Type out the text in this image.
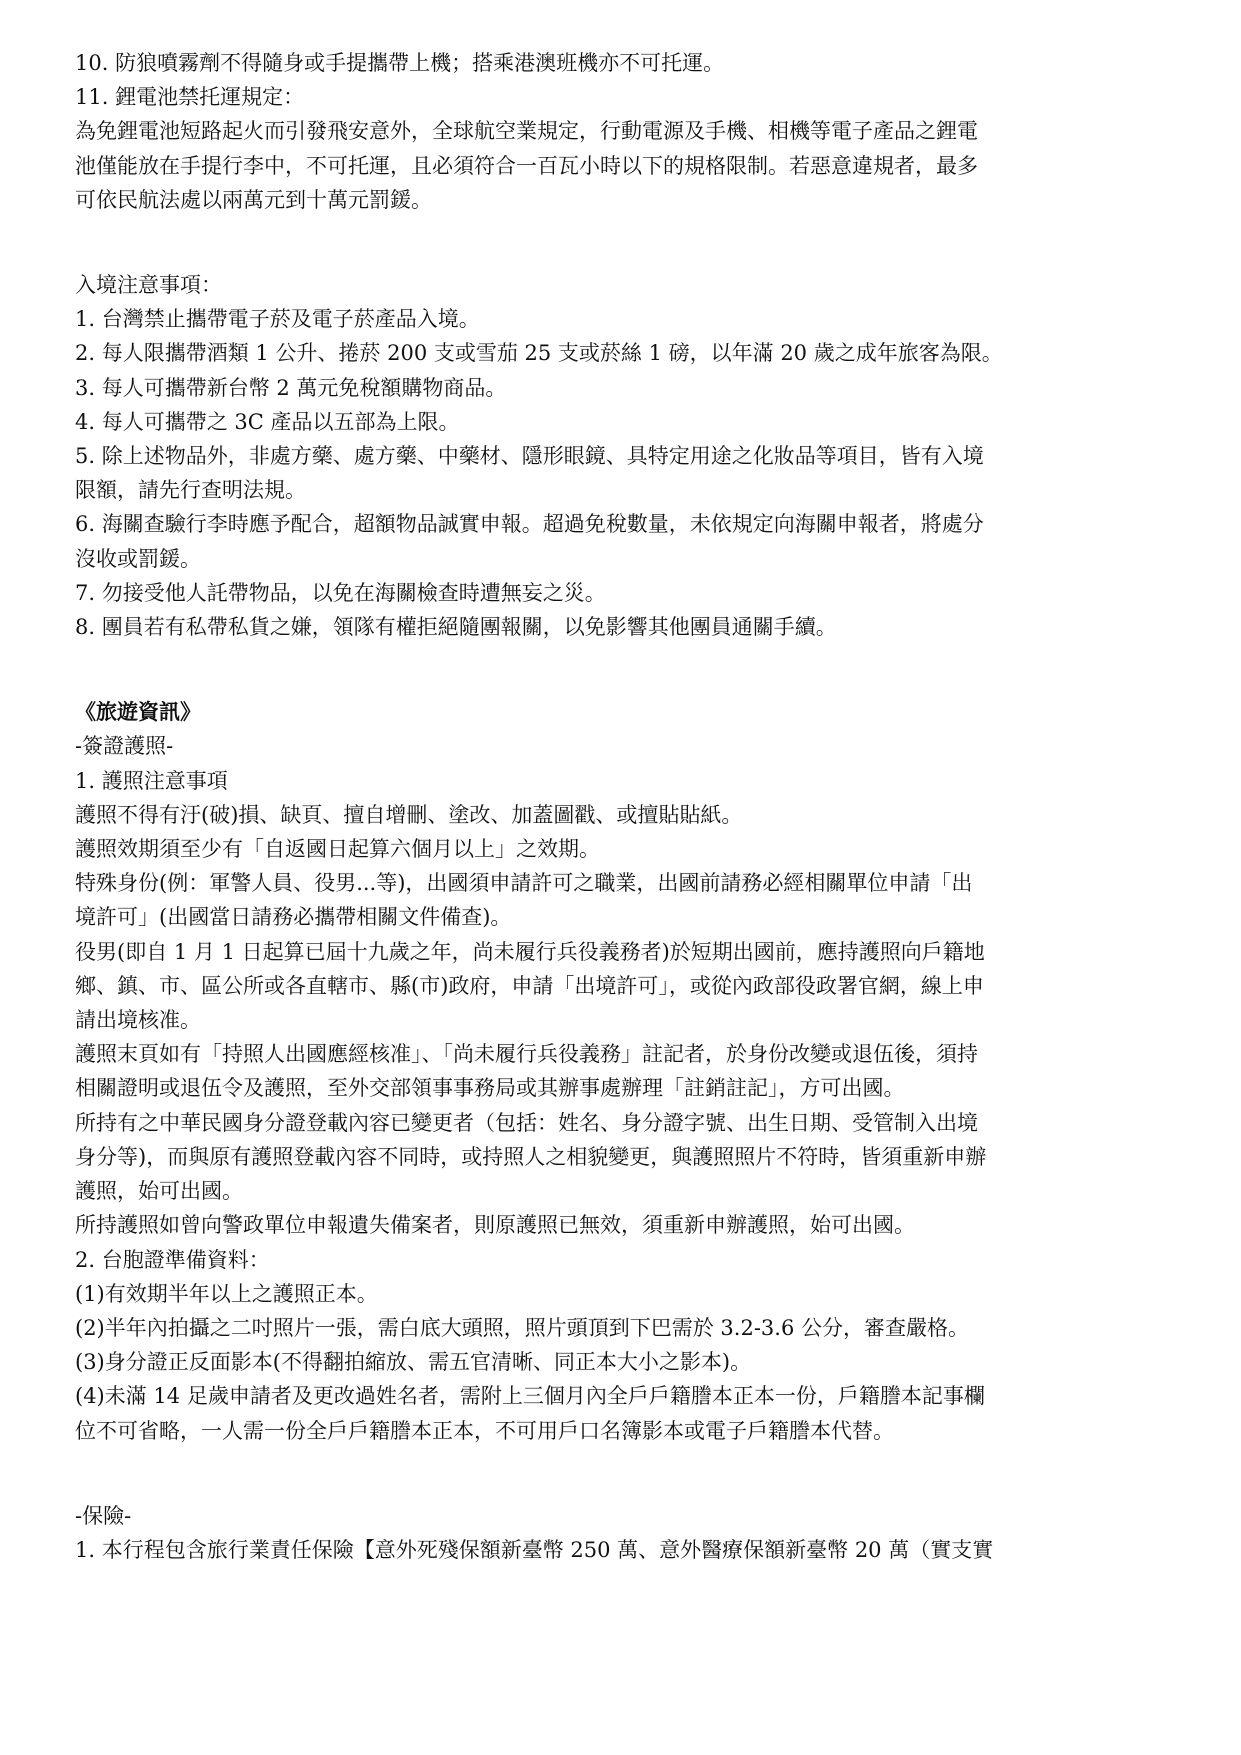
10. 防狼噴霧劑不得隨身或手提攜帶上機；搭乘港澳班機亦不可托運。
11. 鋰電池禁托運規定：
為免鋰電池短路起火而引發飛安意外，全球航空業規定，行動電源及手機、相機等電子產品之鋰電
池僅能放在手提行李中，不可托運，且必須符合一百瓦小時以下的規格限制。若惡意違規者，最多
可依民航法處以兩萬元到十萬元罰鍰。
入境注意事項：
1. 台灣禁止攜帶電子菸及電子菸產品入境。
2. 每人限攜帶酒類 1 公升、捲菸 200 支或雪茄 25 支或菸絲 1 磅，以年滿 20 歲之成年旅客為限。
3. 每人可攜帶新台幣 2 萬元免稅額購物商品。
4. 每人可攜帶之 3C 產品以五部為上限。
5. 除上述物品外，非處方藥、處方藥、中藥材、隱形眼鏡、具特定用途之化妝品等項目，皆有入境
限額，請先行查明法規。
6. 海關查驗行李時應予配合，超額物品誠實申報。超過免稅數量，未依規定向海關申報者，將處分
沒收或罰鍰。
7. 勿接受他人託帶物品，以免在海關檢查時遭無妄之災。
8. 團員若有私帶私貨之嫌，領隊有權拒絕隨團報關，以免影響其他團員通關手續。
《旅遊資訊》
-簽證護照-
1. 護照注意事項
護照不得有汙(破)損、缺頁、擅自增刪、塗改、加蓋圖戳、或擅貼貼紙。
護照效期須至少有「自返國日起算六個月以上」之效期。
特殊身份(例：軍警人員、役男...等)，出國須申請許可之職業，出國前請務必經相關單位申請「出
境許可」(出國當日請務必攜帶相關文件備查)。
役男(即自 1 月 1 日起算已屆十九歲之年，尚未履行兵役義務者)於短期出國前，應持護照向戶籍地
鄉、鎮、市、區公所或各直轄市、縣(市)政府，申請「出境許可」，或從內政部役政署官網，線上申
請出境核准。
護照末頁如有「持照人出國應經核准」、「尚未履行兵役義務」註記者，於身份改變或退伍後，須持
相關證明或退伍令及護照，至外交部領事事務局或其辦事處辦理「註銷註記」，方可出國。
所持有之中華民國身分證登載內容已變更者（包括：姓名、身分證字號、出生日期、受管制入出境
身分等)，而與原有護照登載內容不同時，或持照人之相貌變更，與護照照片不符時，皆須重新申辦
護照，始可出國。
所持護照如曾向警政單位申報遺失備案者，則原護照已無效，須重新申辦護照，始可出國。
2. 台胞證準備資料：
(1)有效期半年以上之護照正本。
(2)半年內拍攝之二吋照片一張，需白底大頭照，照片頭頂到下巴需於 3.2-3.6 公分，審查嚴格。
(3)身分證正反面影本(不得翻拍縮放、需五官清晰、同正本大小之影本)。
(4)未滿 14 足歲申請者及更改過姓名者，需附上三個月內全戶戶籍謄本正本一份，戶籍謄本記事欄
位不可省略，一人需一份全戶戶籍謄本正本，不可用戶口名簿影本或電子戶籍謄本代替。
-保險-
1. 本行程包含旅行業責任保險【意外死殘保額新臺幣 250 萬、意外醫療保額新臺幣 20 萬（實支實
